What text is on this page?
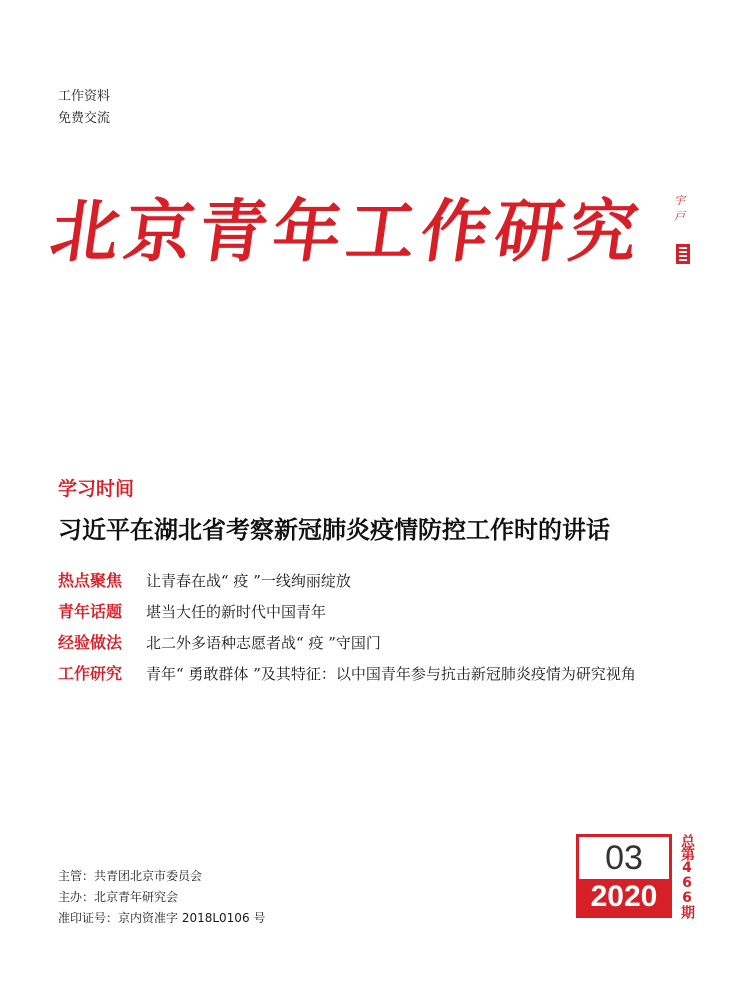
工作资料
免费交流
北京青年工作研究 宇戸
学习时间
习近平在湖北省考察新冠肺炎疫情防控工作时的讲话
热点聚焦	让青春在战“ 疫 ”一线绚丽绽放
青年话题	堪当大任的新时代中国青年
经验做法	北二外多语种志愿者战“ 疫 ”守国门
工作研究	青年“ 勇敢群体 ”及其特征：以中国青年参与抗击新冠肺炎疫情为研究视角
主管：共青团北京市委员会
主办：北京青年研究会
准印证号：京内资准字 2018L0106 号
03
2020	总第466期
